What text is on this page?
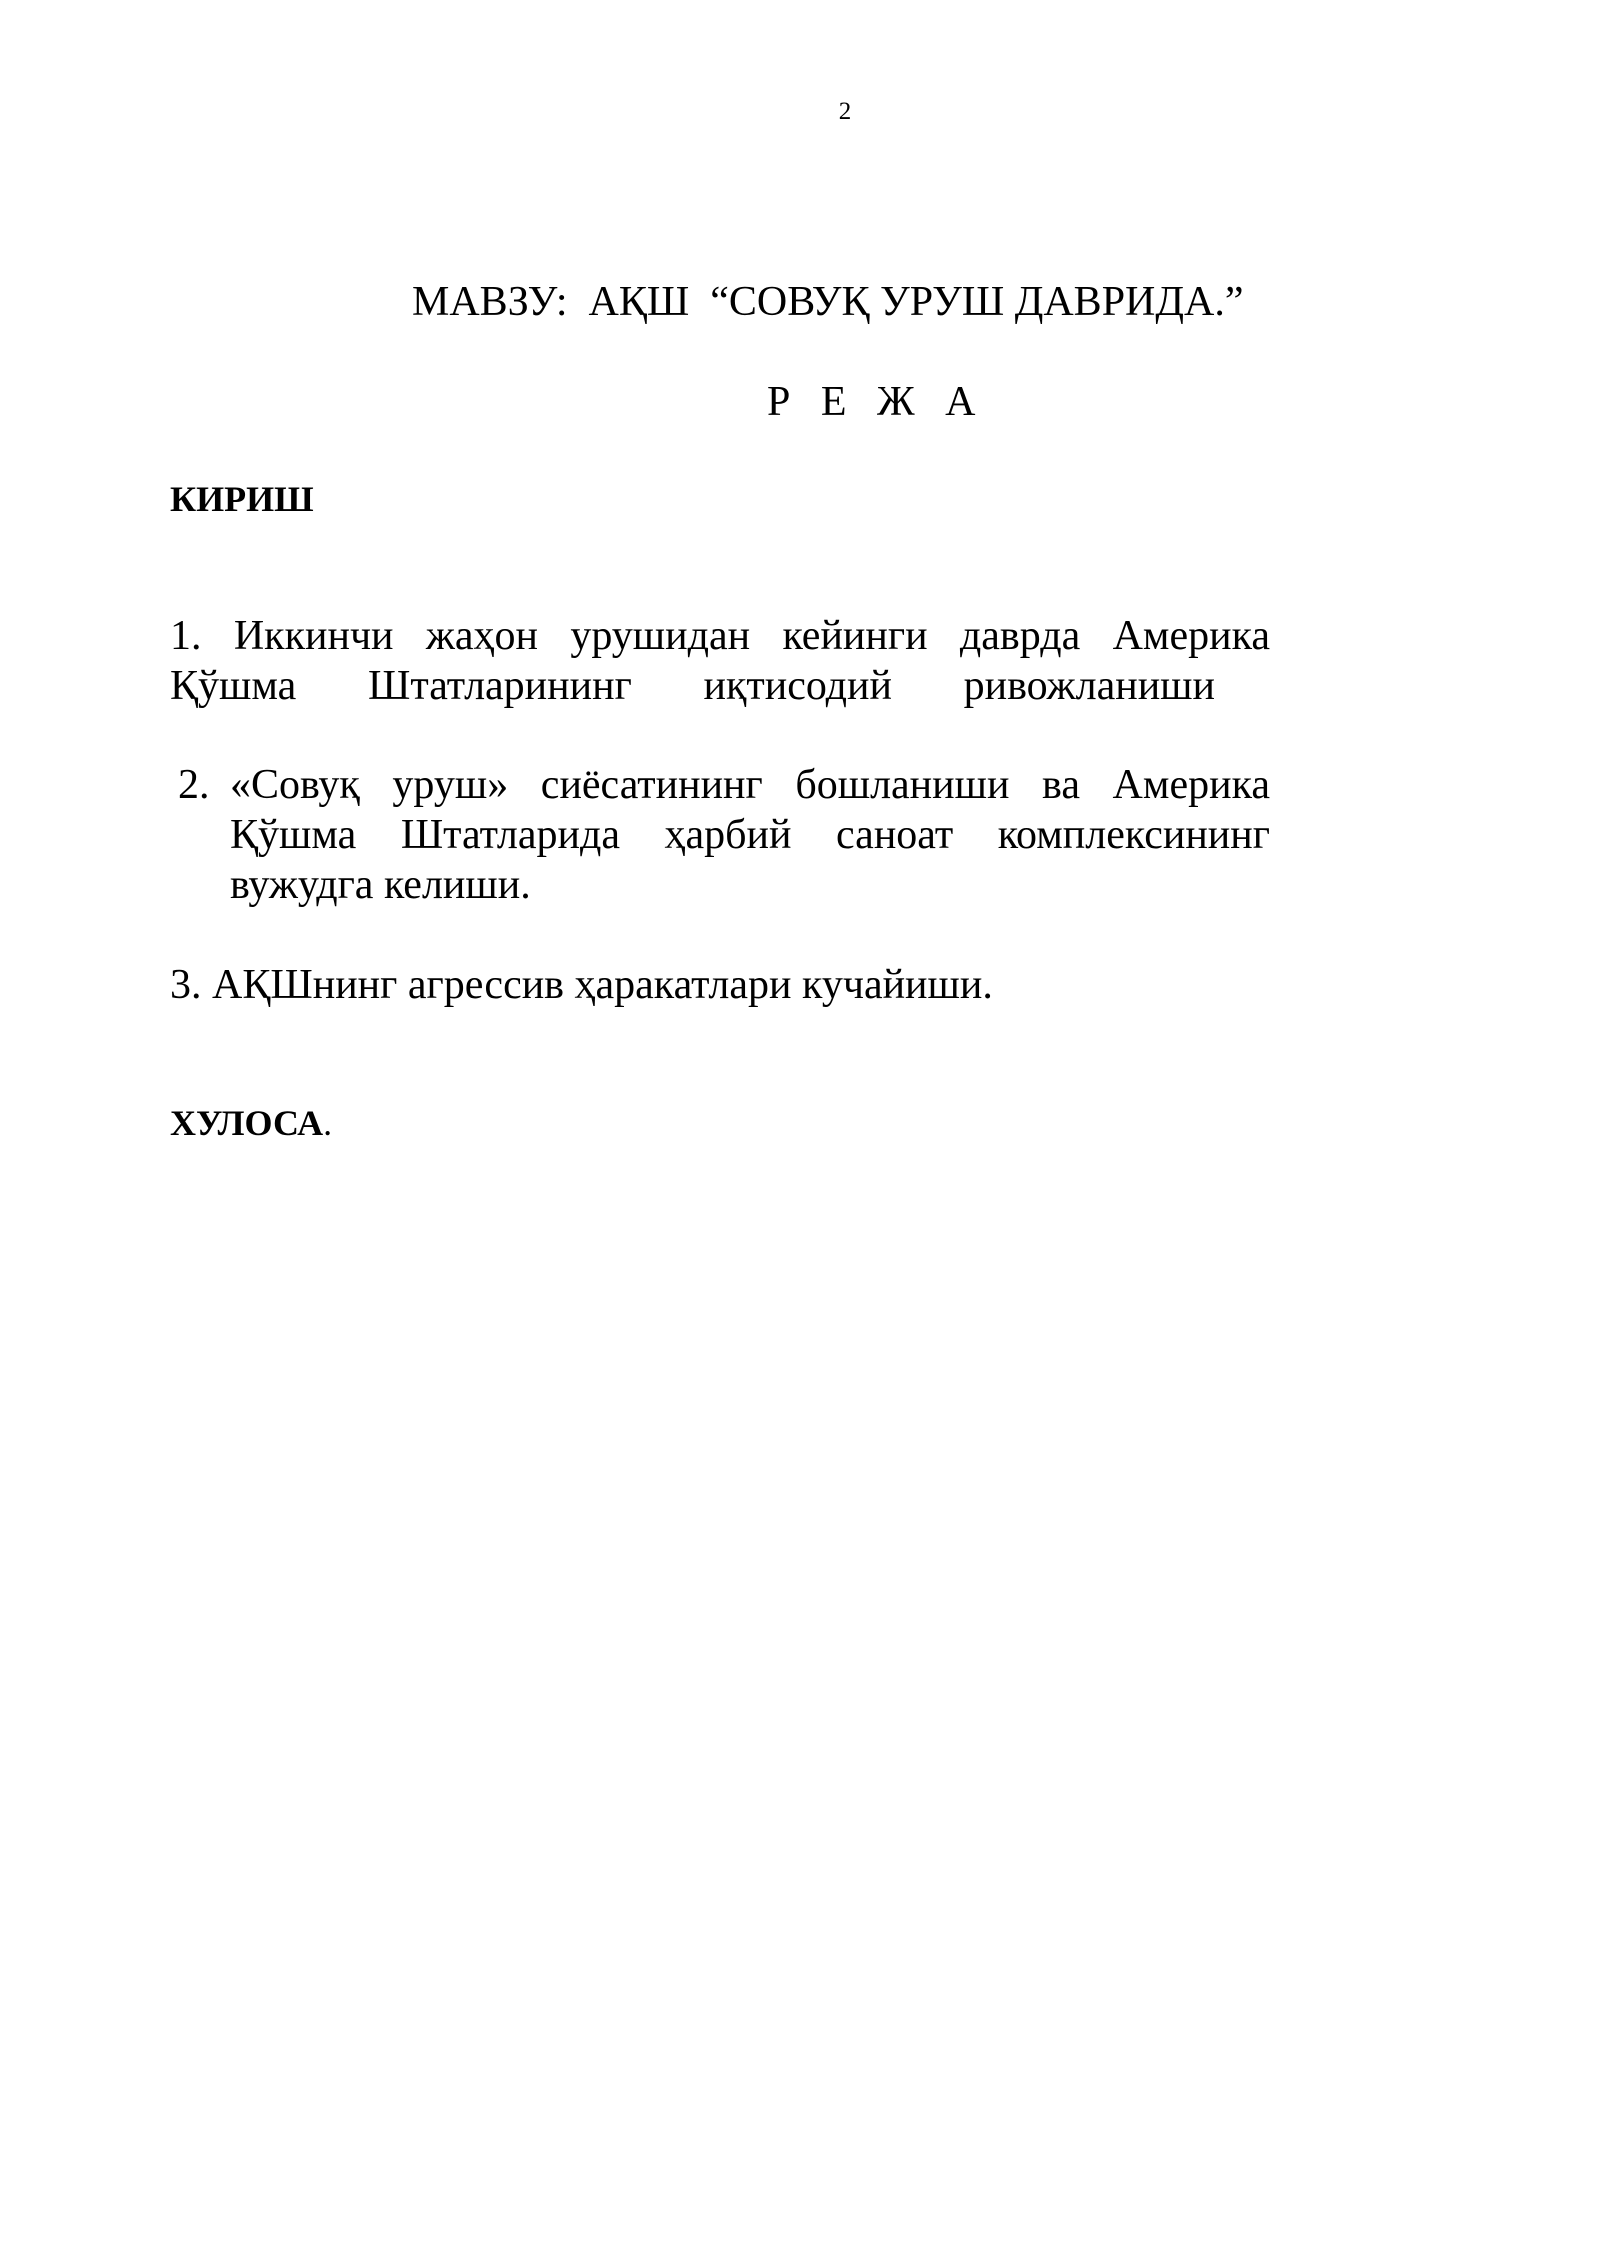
2
МАВЗУ:  АҚШ  “СОВУҚ УРУШ ДАВРИДА.”
Р Е Ж А
КИРИШ
1. Иккинчи жаҳон урушидан кейинги даврда Америка
Қўшма Штатларининг иқтисодий ривожланиши
2. «Совуқ уруш» сиёсатининг бошланиши ва Америка
Қўшма Штатларида ҳарбий саноат комплексининг
вужудга келиши.
3. АҚШнинг агрессив ҳаракатлари кучайиши.
ХУЛОСА.
